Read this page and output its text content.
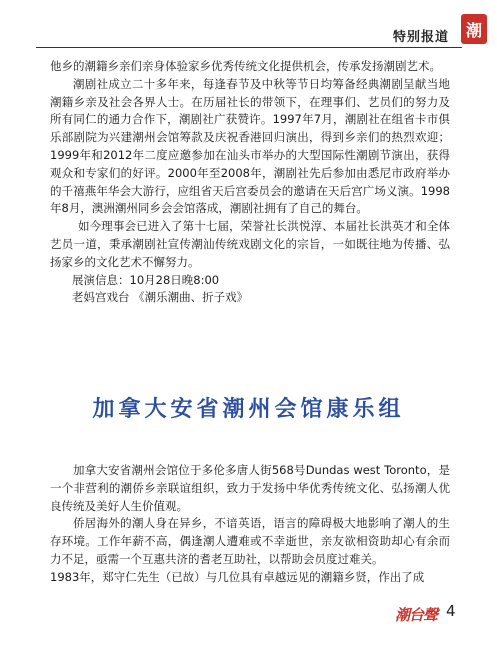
特别报道 潮

他乡的潮籍乡亲们亲身体验家乡优秀传统文化提供机会，传承发扬潮剧艺术。

潮剧社成立二十多年来，每逢春节及中秋等节日均筹备经典潮剧呈献当地潮籍乡亲及社会各界人士。在历届社长的带领下，在理事们、艺员们的努力及所有同仁的通力合作下，潮剧社广获赞许。1997年7月，潮剧社在组省卡市俱乐部剧院为兴建潮州会馆筹款及庆祝香港回归演出，得到乡亲们的热烈欢迎；1999年和2012年二度应邀参加在汕头市举办的大型国际性潮剧节演出，获得观众和专家们的好评。2000年至2008年，潮剧社先后参加由悉尼市政府举办的千禧燕年华会大游行，应组省天后宫委员会的邀请在天后宫广场义演。1998年8月，澳洲潮州同乡会会馆落成，潮剧社拥有了自己的舞台。

如今理事会已进入了第十七届，荣誉社长洪悦淳、本届社长洪英才和全体艺员一道，秉承潮剧社宣传潮汕传统戏剧文化的宗旨，一如既往地为传播、弘扬家乡的文化艺术不懈努力。

展演信息：10月28日晚8:00

老妈宫戏台 《潮乐潮曲、折子戏》

加拿大安省潮州会馆康乐组

加拿大安省潮州会馆位于多伦多唐人街568号Dundas west Toronto，是一个非营利的潮侨乡亲联谊组织，致力于发扬中华优秀传统文化、弘扬潮人优良传统及美好人生价值观。

侨居海外的潮人身在异乡，不谙英语，语言的障碍极大地影响了潮人的生存环境。工作年薪不高，偶逢潮人遭难或不幸逝世，亲友欲相资助却心有余而力不足，亟需一个互惠共济的耆老互助社，以帮助会员度过难关。

1983年，郑守仁先生（已故）与几位具有卓越远见的潮籍乡贤，作出了成

潮台聲 4
